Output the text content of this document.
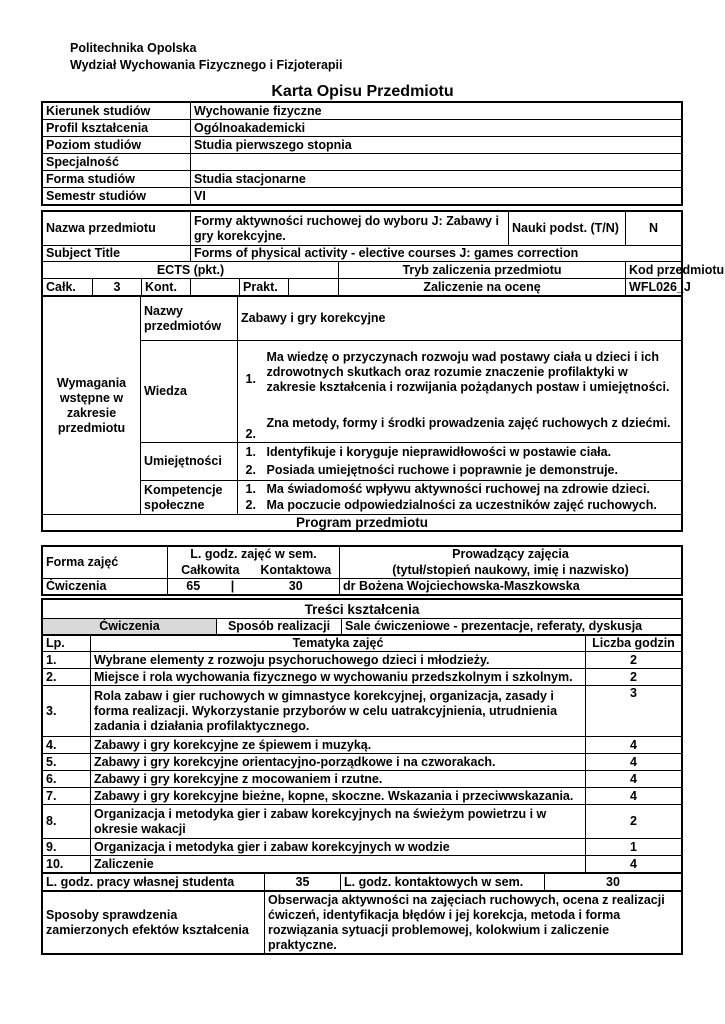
Politechnika Opolska
Wydział Wychowania Fizycznego i Fizjoterapii
Karta Opisu Przedmiotu
Kierunek studiów	Wychowanie fizyczne
Profil kształcenia	Ogólnoakademicki
Poziom studiów	Studia pierwszego stopnia
Specjalność	
Forma studiów	Studia stacjonarne
Semestr studiów	VI
Nazwa przedmiotu			Formy aktywności ruchowej do wyboru J: Zabawy i gry korekcyjne.				Nauki podst. (T/N)	N
Subject Title			Forms of physical activity - elective courses J: games correction					
ECTS (pkt.)						Tryb zaliczenia przedmiotu		Kod przedmiotu
Całk.	3	Kont.		Prakt.		Zaliczenie na ocenę		WFL026_J
Wymagania wstępne w zakresie przedmiotu	Nazwy przedmiotów	Zabawy i gry korekcyjne	
	Wiedza	1.	Ma wiedzę o przyczynach rozwoju wad postawy ciała u dzieci i ich zdrowotnych skutkach oraz rozumie znaczenie profilaktyki w zakresie kształcenia i rozwijania pożądanych postaw i umiejętności.
		2.	Zna metody, formy i środki prowadzenia zajęć ruchowych z dziećmi.
	Umiejętności	1.	Identyfikuje i koryguje nieprawidłowości w postawie ciała.
		2.	Posiada umiejętności ruchowe i poprawnie je demonstruje.
	Kompetencje społeczne	1.	Ma świadomość wpływu aktywności ruchowej na zdrowie dzieci.
		2.	Ma poczucie odpowiedzialności za uczestników zajęć ruchowych.
Program przedmiotu			
Forma zajęć	L. godz. zajęć w sem.		Prowadzący zajęcia
	Całkowita	Kontaktowa	(tytuł/stopień naukowy, imię i nazwisko)
Ćwiczenia	65 |	30	dr Bożena Wojciechowska-Maszkowska
Treści kształcenia
Ćwiczenia	Sposób realizacji	Sale ćwiczeniowe - prezentacje, referaty, dyskusja
Lp.	Tematyka zajęć	Liczba godzin
1.	Wybrane elementy z rozwoju psychoruchowego dzieci i młodzieży.	2
2.	Miejsce i rola wychowania fizycznego w wychowaniu przedszkolnym i szkolnym.	2
3.	Rola zabaw i gier ruchowych w gimnastyce korekcyjnej, organizacja, zasady i forma realizacji. Wykorzystanie przyborów w celu uatrakcyjnienia, utrudnienia zadania i działania profilaktycznego.	3
4.	Zabawy i gry korekcyjne ze śpiewem i muzyką.	4
5.	Zabawy i gry korekcyjne orientacyjno-porządkowe i na czworakach.	4
6.	Zabawy i gry korekcyjne z mocowaniem i rzutne.	4
7.	Zabawy i gry korekcyjne bieżne, kopne, skoczne. Wskazania i przeciwwskazania.	4
8.	Organizacja i metodyka gier i zabaw korekcyjnych na świeżym powietrzu i w okresie wakacji	2
9.	Organizacja i metodyka gier i zabaw korekcyjnych w wodzie	1
10.	Zaliczenie	4
L. godz. pracy własnej studenta	35	L. godz. kontaktowych w sem.	30
Sposoby sprawdzenia zamierzonych efektów kształcenia	Obserwacja aktywności na zajęciach ruchowych, ocena z realizacji ćwiczeń, identyfikacja błędów i jej korekcja, metoda i forma rozwiązania sytuacji problemowej, kolokwium i zaliczenie praktyczne.
